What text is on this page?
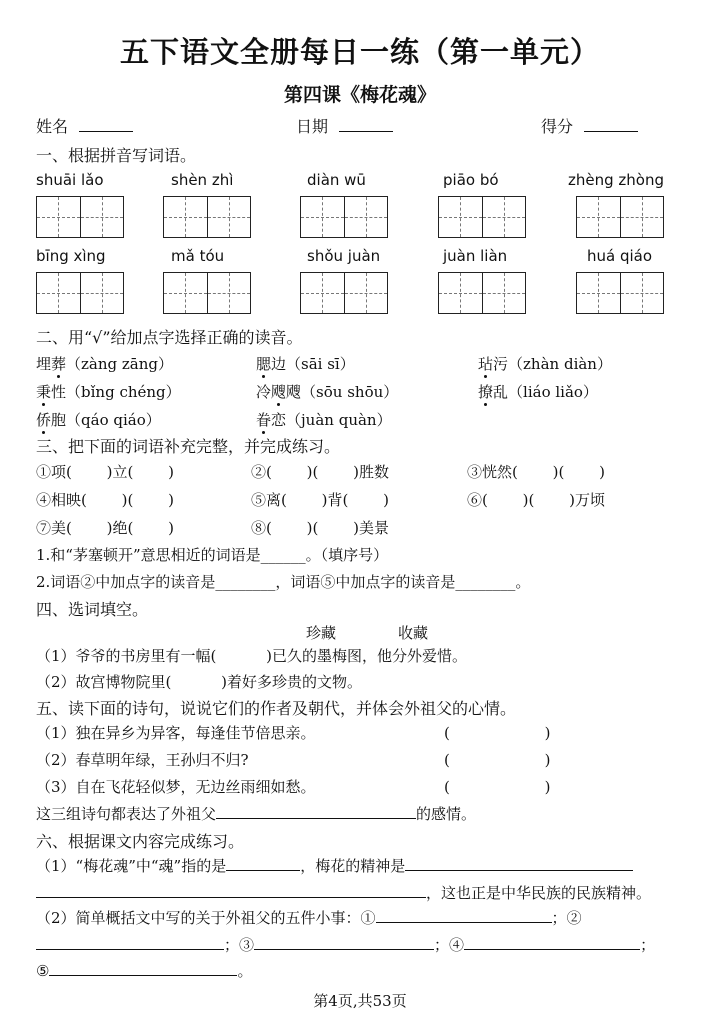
五下语文全册每日一练（第一单元）
第四课《梅花魂》
姓名	日期	得分
一、根据拼音写词语。
shuāi lǎo	shèn zhì	diàn wū	piāo bó	zhèng zhòng
bīng xìng	mǎ tóu	shǒu juàn	juàn liàn	huá qiáo
二、用“√”给加点字选择正确的读音。
埋葬（zàng zāng）	腮边（sāi sī）	玷污（zhàn diàn）
秉性（bǐng chéng）	冷飕飕（sōu shōu）	撩乱（liáo liǎo）
侨胞（qáo qiáo）	眷恋（juàn quàn）
三、把下面的词语补充完整，并完成练习。
①项(　　 )立(　　 )	②(　　 )(　　 )胜数	③恍然(　　 )(　　 )
④相映(　　 )(　　 )	⑤离(　　 )背(　　 )	⑥(　　 )(　　 )万顷
⑦美(　　 )绝(　　 )	⑧(　　 )(　　 )美景
1.和“茅塞顿开”意思相近的词语是______。（填序号）
2.词语②中加点字的读音是________，词语⑤中加点字的读音是________。
四、选词填空。
珍藏	收藏
（1）爷爷的书房里有一幅(　　　 )已久的墨梅图，他分外爱惜。
（2）故宫博物院里(　　　 )着好多珍贵的文物。
五、读下面的诗句，说说它们的作者及朝代，并体会外祖父的心情。
（1）独在异乡为异客，每逢佳节倍思亲。	(　　　　　　 )
（2）春草明年绿，王孙归不归?	(　　　　　　 )
（3）自在飞花轻似梦，无边丝雨细如愁。	(　　　　　　 )
这三组诗句都表达了外祖父	的感情。
六、根据课文内容完成练习。
（1）“梅花魂”中“魂”指的是	，梅花的精神是
，这也正是中华民族的民族精神。
（2）简单概括文中写的关于外祖父的五件小事：①	；②
；③	；④	；
⑤	。
第4页,共53页
